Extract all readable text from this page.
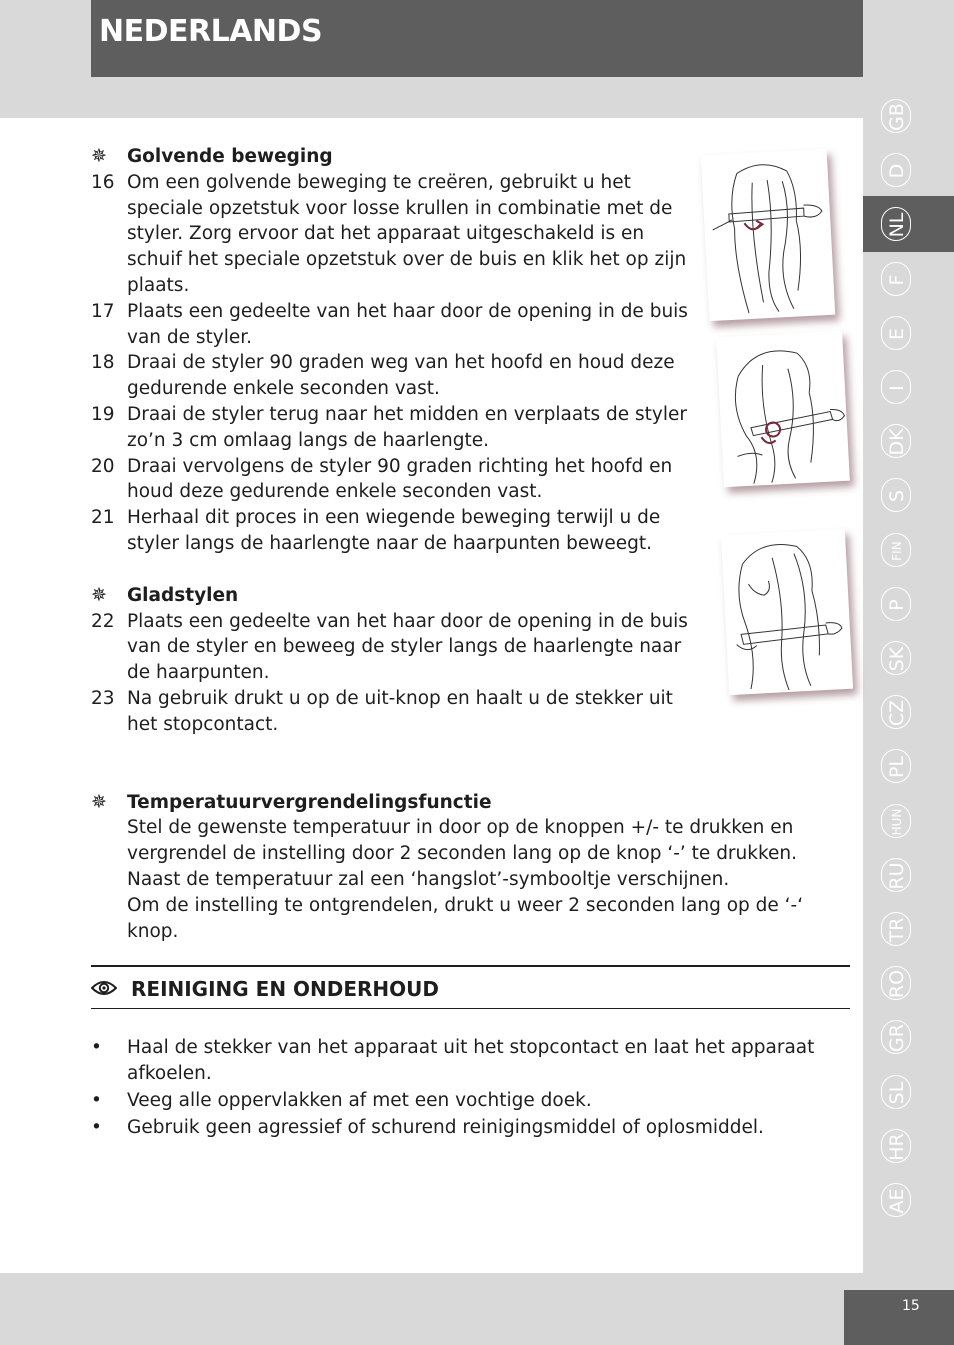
NEDERLANDS
GB
D
NL
F
E
I
DK
S
FIN
P
SK
CZ
PL
HUN
RU
TR
RO
GR
SL
HR
AE
✵	Golvende beweging
16 Om een golvende beweging te creëren, gebruikt u het speciale opzetstuk voor losse krullen in combinatie met de styler. Zorg ervoor dat het apparaat uitgeschakeld is en schuif het speciale opzetstuk over de buis en klik het op zijn plaats.
17 Plaats een gedeelte van het haar door de opening in de buis van de styler.
18 Draai de styler 90 graden weg van het hoofd en houd deze gedurende enkele seconden vast.
19 Draai de styler terug naar het midden en verplaats de styler zo’n 3 cm omlaag langs de haarlengte.
20 Draai vervolgens de styler 90 graden richting het hoofd en houd deze gedurende enkele seconden vast.
21 Herhaal dit proces in een wiegende beweging terwijl u de styler langs de haarlengte naar de haarpunten beweegt.
✵	Gladstylen
22 Plaats een gedeelte van het haar door de opening in de buis van de styler en beweeg de styler langs de haarlengte naar de haarpunten.
23 Na gebruik drukt u op de uit-knop en haalt u de stekker uit het stopcontact.
✵	Temperatuurvergrendelingsfunctie
Stel de gewenste temperatuur in door op de knoppen +/- te drukken en vergrendel de instelling door 2 seconden lang op de knop ‘-’ te drukken.
Naast de temperatuur zal een ‘hangslot’-symbooltje verschijnen.
Om de instelling te ontgrendelen, drukt u weer 2 seconden lang op de ‘-‘ knop.
REINIGING EN ONDERHOUD
•	Haal de stekker van het apparaat uit het stopcontact en laat het apparaat afkoelen.
•	Veeg alle oppervlakken af met een vochtige doek.
•	Gebruik geen agressief of schurend reinigingsmiddel of oplosmiddel.
15
